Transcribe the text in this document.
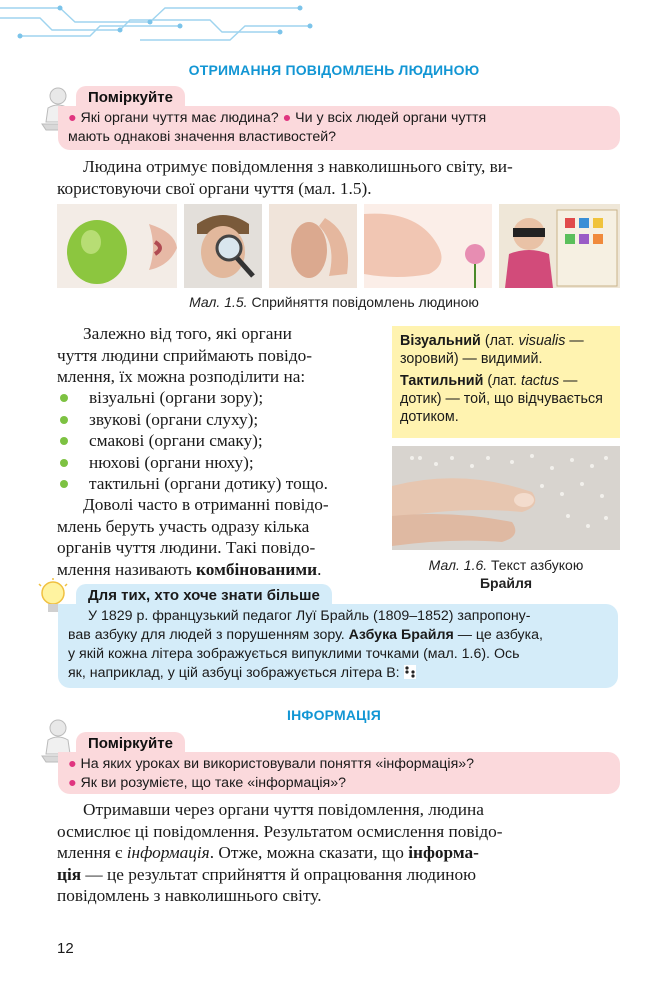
ОТРИМАННЯ ПОВІДОМЛЕНЬ ЛЮДИНОЮ
Поміркуйте
● Які органи чуття має людина? ● Чи у всіх людей органи чуття
мають однакові значення властивостей?
Людина отримує повідомлення з навколишнього світу, ви-
користовуючи свої органи чуття (мал. 1.5).
Мал. 1.5. Сприйняття повідомлень людиною
Залежно від того, які органи
чуття людини сприймають повідо-
млення, їх можна розподілити на:
візуальні (органи зору);
звукові (органи слуху);
смакові (органи смаку);
нюхові (органи нюху);
тактильні (органи дотику) тощо.
Доволі часто в отриманні повідо-
млень беруть участь одразу кілька
органів чуття людини. Такі повідо-
млення називають комбінованими.

Візуальний (лат. visualis — зоровий) — видимий.

Тактильний (лат. tactus — дотик) — той, що відчувається дотиком.

Мал. 1.6. Текст азбукою
Брайля
Для тих, хто хоче знати більше
У 1829 р. французький педагог Луї Брайль (1809–1852) запропону-
вав азбуку для людей з порушенням зору. Азбука Брайля — це азбука,
у якій кожна літера зображується випуклими точками (мал. 1.6). Ось
як, наприклад, у цій азбуці зображується літера В:
ІНФОРМАЦІЯ
Поміркуйте
● На яких уроках ви використовували поняття «інформація»?
● Як ви розумієте, що таке «інформація»?
Отримавши через органи чуття повідомлення, людина
осмислює ці повідомлення. Результатом осмислення повідо-
млення є інформація. Отже, можна сказати, що інформа-
ція — це результат сприйняття й опрацювання людиною
повідомлень з навколишнього світу.
12
